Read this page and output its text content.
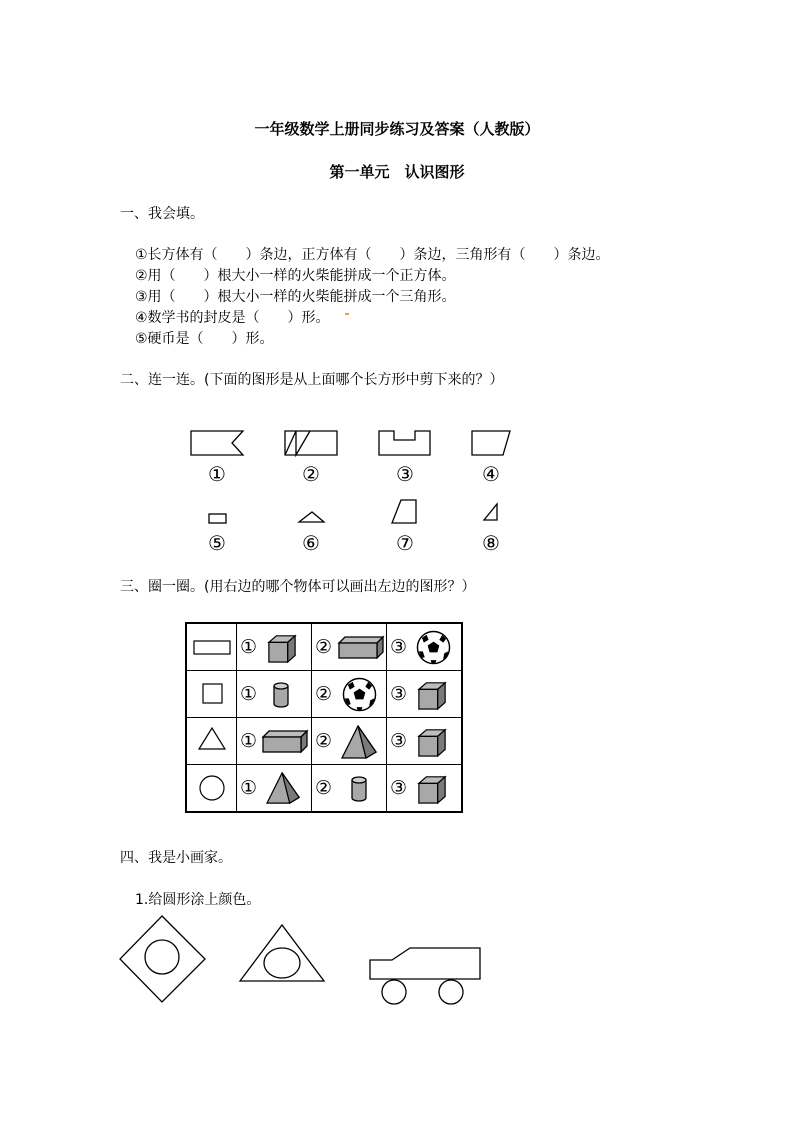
一年级数学上册同步练习及答案（人教版）
第一单元　认识图形
一、我会填。
①长方体有（　　）条边，正方体有（　　）条边，三角形有（　　）条边。
②用（　　）根大小一样的火柴能拼成一个正方体。
③用（　　）根大小一样的火柴能拼成一个三角形。
④数学书的封皮是（　　）形。
⑤硬币是（　　）形。
二、连一连。(下面的图形是从上面哪个长方形中剪下来的？）
①	②	③	④
⑤	⑥	⑦	⑧
三、圈一圈。(用右边的哪个物体可以画出左边的图形？）

①	②	③

①	②	③

①	②	③

①	②	③
四、我是小画家。
1.给圆形涂上颜色。
